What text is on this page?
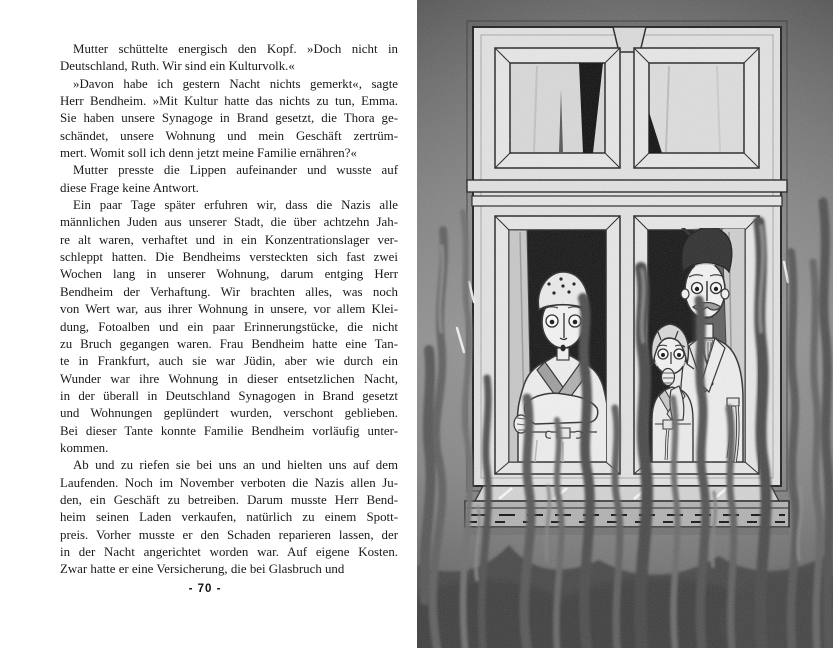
Mutter schüttelte energisch den Kopf. »Doch nicht in
Deutschland, Ruth. Wir sind ein Kulturvolk.«
»Davon habe ich gestern Nacht nichts gemerkt«, sagte
Herr Bendheim. »Mit Kultur hatte das nichts zu tun, Emma.
Sie haben unsere Synagoge in Brand gesetzt, die Thora ge-
schändet, unsere Wohnung und mein Geschäft zertrüm-
mert. Womit soll ich denn jetzt meine Familie ernähren?«
Mutter presste die Lippen aufeinander und wusste auf
diese Frage keine Antwort.
Ein paar Tage später erfuhren wir, dass die Nazis alle
männlichen Juden aus unserer Stadt, die über achtzehn Jah-
re alt waren, verhaftet und in ein Konzentrationslager ver-
schleppt hatten. Die Bendheims versteckten sich fast zwei
Wochen lang in unserer Wohnung, darum entging Herr
Bendheim der Verhaftung. Wir brachten alles, was noch
von Wert war, aus ihrer Wohnung in unsere, vor allem Klei-
dung, Fotoalben und ein paar Erinnerungstücke, die nicht
zu Bruch gegangen waren. Frau Bendheim hatte eine Tan-
te in Frankfurt, auch sie war Jüdin, aber wie durch ein
Wunder war ihre Wohnung in dieser entsetzlichen Nacht,
in der überall in Deutschland Synagogen in Brand gesetzt
und Wohnungen geplündert wurden, verschont geblieben.
Bei dieser Tante konnte Familie Bendheim vorläufig unter-
kommen.
Ab und zu riefen sie bei uns an und hielten uns auf dem
Laufenden. Noch im November verboten die Nazis allen Ju-
den, ein Geschäft zu betreiben. Darum musste Herr Bend-
heim seinen Laden verkaufen, natürlich zu einem Spott-
preis. Vorher musste er den Schaden reparieren lassen, der
in der Nacht angerichtet worden war. Auf eigene Kosten.
Zwar hatte er eine Versicherung, die bei Glasbruch und
- 70 -
